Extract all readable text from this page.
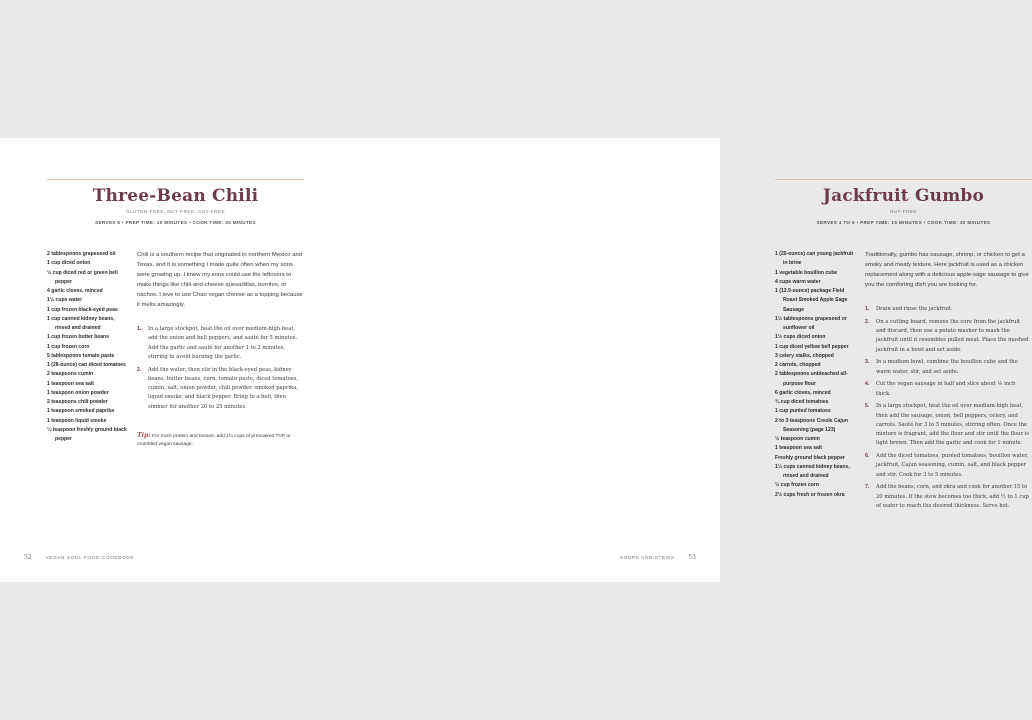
Three-Bean Chili
GLUTEN-FREE, NUT-FREE, SOY-FREE
SERVES 6 • PREP TIME: 10 MINUTES • COOK TIME: 30 MINUTES
2 tablespoons grapeseed oil
1 cup diced onion
½ cup diced red or green bell pepper
4 garlic cloves, minced
1½ cups water
1 cup frozen black-eyed peas
1 cup canned kidney beans, rinsed and drained
1 cup frozen butter beans
1 cup frozen corn
5 tablespoons tomato paste
1 (28-ounce) can diced tomatoes
2 teaspoons cumin
1 teaspoon sea salt
1 teaspoon onion powder
2 teaspoons chili powder
1 teaspoon smoked paprika
1 teaspoon liquid smoke
¼ teaspoon freshly ground black pepper

Chili is a southern recipe that originated in northern Mexico and Texas, and it is something I made quite often when my sons were growing up. I knew my sons could use the leftovers to make things like chili-and-cheese quesadillas, burritos, or nachos. I love to use Chao vegan cheese as a topping because it melts amazingly.

1. In a large stockpot, heat the oil over medium-high heat, add the onion and bell peppers, and sauté for 5 minutes. Add the garlic and sauté for another 1 to 2 minutes, stirring to avoid burning the garlic.
2. Add the water, then stir in the black-eyed peas, kidney beans, butter beans, corn, tomato paste, diced tomatoes, cumin, salt, onion powder, chili powder, smoked paprika, liquid smoke, and black pepper. Bring to a boil, then simmer for another 20 to 25 minutes.

Tip: For more protein and texture, add 1½ cups of presoaked TVP or crumbled vegan sausage.

52	VEGAN SOUL FOOD COOKBOOK
Jackfruit Gumbo
NUT-FREE
SERVES 4 TO 6 • PREP TIME: 15 MINUTES • COOK TIME: 30 MINUTES
1 (20-ounce) can young jackfruit in brine
1 vegetable bouillon cube
4 cups warm water
1 (12.9-ounce) package Field Roast Smoked Apple Sage Sausage
1½ tablespoons grapeseed or sunflower oil
1½ cups diced onion
1 cup diced yellow bell pepper
3 celery stalks, chopped
2 carrots, chopped
2 tablespoons unbleached all-purpose flour
6 garlic cloves, minced
¾ cup diced tomatoes
1 cup puréed tomatoes
2 to 3 teaspoons Creole Cajun Seasoning (page 123)
½ teaspoon cumin
1 teaspoon sea salt
Freshly ground black pepper
1½ cups canned kidney beans, rinsed and drained
½ cup frozen corn
2½ cups fresh or frozen okra

Traditionally, gumbo has sausage, shrimp, or chicken to get a smoky and meaty texture. Here jackfruit is used as a chicken replacement along with a delicious apple-sage sausage to give you the comforting dish you are looking for.

1. Drain and rinse the jackfruit.
2. On a cutting board, remove the core from the jackfruit and discard, then use a potato masher to mash the jackfruit until it resembles pulled meat. Place the mashed jackfruit in a bowl and set aside.
3. In a medium bowl, combine the bouillon cube and the warm water, stir, and set aside.
4. Cut the vegan sausage in half and slice about ⅛ inch thick.
5. In a large stockpot, heat the oil over medium-high heat, then add the sausage, onion, bell peppers, celery, and carrots. Sauté for 3 to 5 minutes, stirring often. Once the mixture is fragrant, add the flour and stir until the flour is light brown. Then add the garlic and cook for 1 minute.
6. Add the diced tomatoes, puréed tomatoes, bouillon water, jackfruit, Cajun seasoning, cumin, salt, and black pepper and stir. Cook for 3 to 5 minutes.
7. Add the beans, corn, and okra and cook for another 15 to 20 minutes. If the stew becomes too thick, add ½ to 1 cup of water to reach the desired thickness. Serve hot.
SOUPS AND STEWS 53
